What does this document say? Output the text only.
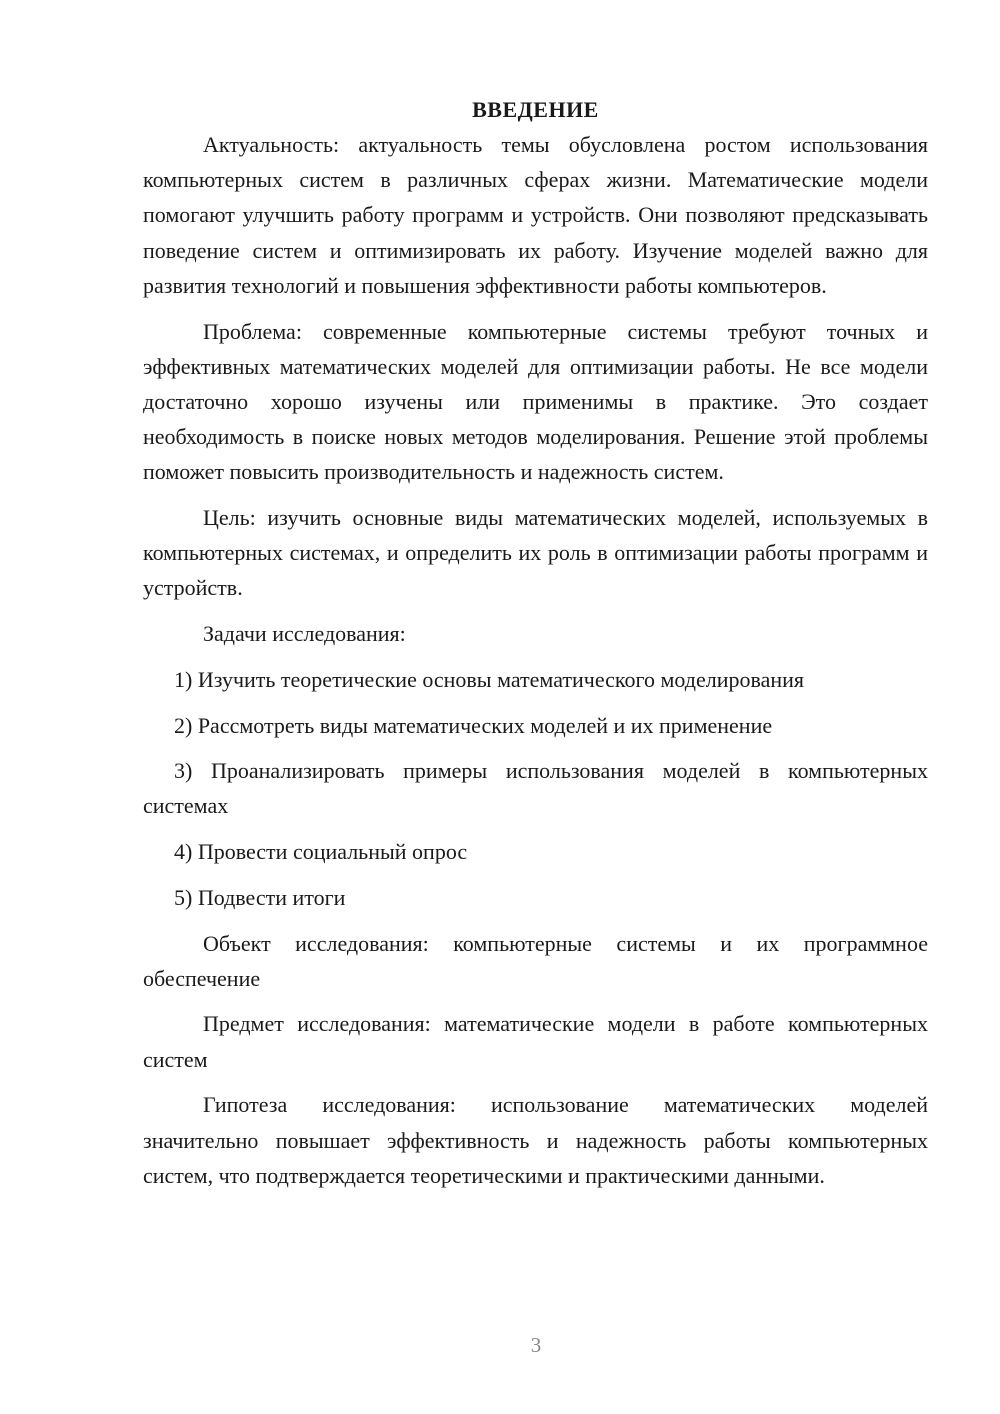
ВВЕДЕНИЕ

Актуальность: актуальность темы обусловлена ростом использования компьютерных систем в различных сферах жизни. Математические модели помогают улучшить работу программ и устройств. Они позволяют предсказывать поведение систем и оптимизировать их работу. Изучение моделей важно для развития технологий и повышения эффективности работы компьютеров.

Проблема: современные компьютерные системы требуют точных и эффективных математических моделей для оптимизации работы. Не все модели достаточно хорошо изучены или применимы в практике. Это создает необходимость в поиске новых методов моделирования. Решение этой проблемы поможет повысить производительность и надежность систем.

Цель: изучить основные виды математических моделей, используемых в компьютерных системах, и определить их роль в оптимизации работы программ и устройств.

Задачи исследования:

1) Изучить теоретические основы математического моделирования

2) Рассмотреть виды математических моделей и их применение

3) Проанализировать примеры использования моделей в компьютерных системах

4) Провести социальный опрос

5) Подвести итоги

Объект исследования: компьютерные системы и их программное обеспечение

Предмет исследования: математические модели в работе компьютерных систем

Гипотеза исследования: использование математических моделей значительно повышает эффективность и надежность работы компьютерных систем, что подтверждается теоретическими и практическими данными.

3
